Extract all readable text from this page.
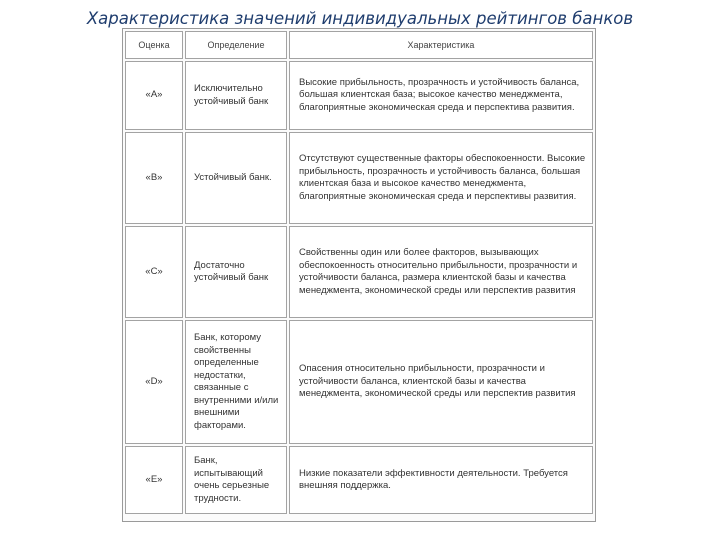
Характеристика значений индивидуальных рейтингов банков
Оценка	Определение	Характеристика
«А»	Исключительно устойчивый банк	Высокие прибыльность, прозрачность и устойчивость баланса, большая клиентская база; высокое качество менеджмента, благоприятные экономическая среда и перспектива развития.
«В»	Устойчивый банк.	Отсутствуют существенные факторы обеспокоенности. Высокие прибыльность, прозрачность и устойчивость баланса, большая клиентская база и высокое качество менеджмента, благоприятные экономическая среда и перспективы развития.
«С»	Достаточно устойчивый банк	Свойственны один или более факторов, вызывающих обеспокоенность относительно прибыльности, прозрачности и устойчивости баланса, размера клиентской базы и качества менеджмента, экономической среды или перспектив развития
«D»	Банк, которому свойственны определенные недостатки, связанные с внутренними и/или внешними факторами.	Опасения относительно прибыльности, прозрачности и устойчивости баланса, клиентской базы и качества менеджмента, экономической среды или перспектив развития
«Е»	Банк, испытывающий очень серьезные трудности.	Низкие показатели эффективности деятельности. Требуется внешняя поддержка.
